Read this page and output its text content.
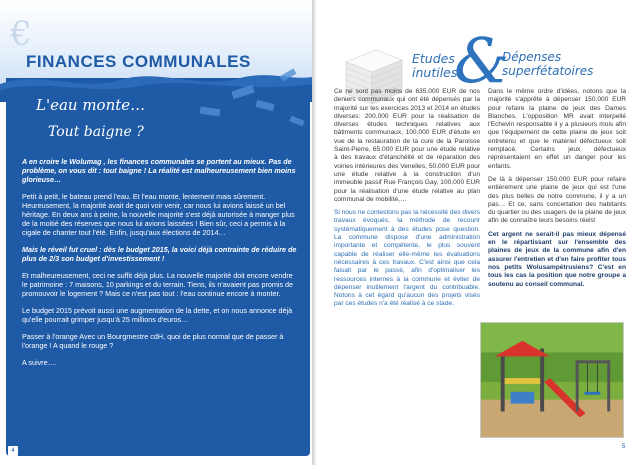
€
FINANCES COMMUNALES
L'eau monte…
Tout baigne ?

A en croire le Wolumag , les finances communales se portent au mieux. Pas de problème, on vous dit : tout baigne ! La réalité est malheureusement bien moins glorieuse…

Petit à petit, le bateau prend l'eau. Et l'eau monte, lentement mais sûrement. Heureusement, la majorité avait de quoi voir venir, car nous lui avions laissé un bel héritage. En deux ans à peine, la nouvelle majorité s'est déjà autorisée à manger plus de la moitié des réserves que nous lui avions laissées ! Bien sûr, ceci a permis à la cigale de chanter tout l'été. Enfin, jusqu'aux élections de 2014…

Mais le réveil fut cruel : dès le budget 2015, la voici déjà contrainte de réduire de plus de 2/3 son budget d'investissement !

Et malheureusement, ceci ne suffit déjà plus. La nouvelle majorité doit encore vendre le patrimoine : 7 maisons, 10 parkings et du terrain. Tiens, ils n'avaient pas promis de promouvoir le logement ? Mais ce n'est pas tout : l'eau continue encore à monter.

Le budget 2015 prévoit aussi une augmentation de la dette, et on nous annonce déjà qu'elle pourrait grimper jusqu'à 25 millions d'euros…

Passer à l'orange Avec un Bourgmestre cdH, quoi de plus normal que de passer à l'orange ! A quand le rouge ?

A suivre….

4
Etudes
inutiles
&
Dépenses
superfétatoires

Ce ne sont pas moins de 635.000 EUR de nos deniers communaux qui ont été dépensés par la majorité sur les exercices 2013 et 2014 en études diverses: 200.000 EUR pour la réalisation de diverses études techniques relatives aux bâtiments communaux, 100.000 EUR d'étude en vue de la restauration de la cure de la Paroisse Saint-Pierre, 65.000 EUR pour une étude relative à des travaux d'étanchéité et de réparation des voiries intérieures des Venelles, 50.000 EUR pour une étude relative à la construction d'un immeuble passif Rue François Gay, 100.000 EUR pour la réalisation d'une étude relative au plan communal de mobilité,…

Si nous ne contestons pas la nécessité des divers travaux évoqués, la méthode de recourir systématiquement à des études pose question. La commune dispose d'une administration importante et compétente, le plus souvent capable de réaliser elle-même les évaluations nécessaires à ces travaux. C'est ainsi que cela faisait par le passé, afin d'optimaliser les ressources internes à la commune et éviter de dépenser inutilement l'argent du contribuable. Notons à cet égard qu'aucun des projets visés par ces études n'a été réalisé à ce stade.

Dans le même ordre d'idées, notons que la majorité s'apprête à dépenser 150.000 EUR pour refaire la plaine de jeux des Dames Blanches. L'opposition MR avait interpellé l'Echevin responsable il y a plusieurs mois afin que l'équipement de cette plaine de jeux soit entretenu et que le matériel défectueux soit remplacé. Certains jeux défectueux représentaient en effet un danger pour les enfants.

De là à dépenser 150.000 EUR pour refaire entièrement une plaine de jeux qui est l'une des plus belles de notre commune, il y a un pas… Et ce, sans concertation des habitants du quartier ou des usagers de la plaine de jeux afin de connaître leurs besoins réels!

Cet argent ne serait-il pas mieux dépensé en le répartissant sur l'ensemble des plaines de jeux de la commune afin d'en assurer l'entretien et d'en faire profiter tous nos petits Wolusampétrusiens? C'est en tous les cas la position que notre groupe a soutenu au conseil communal.

5
